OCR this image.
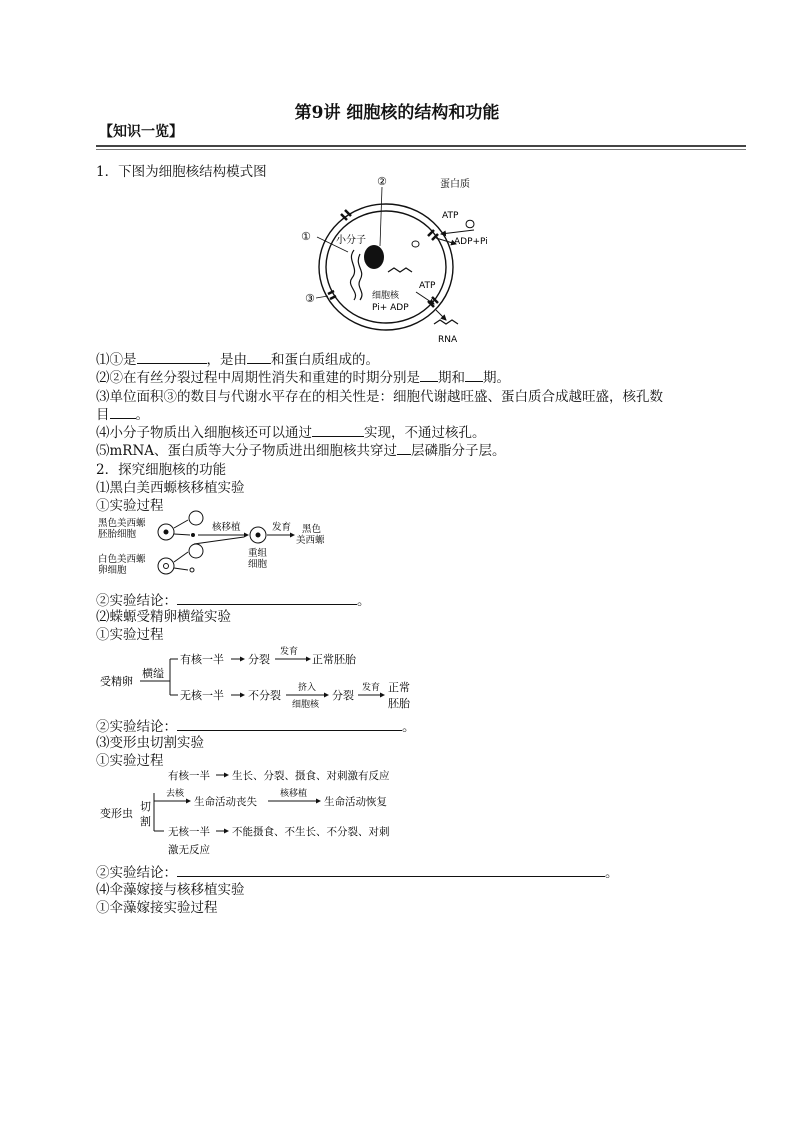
第9讲 细胞核的结构和功能
【知识一览】
1．下图为细胞核结构模式图
②
①
③
蛋白质
ATP
ADP+Pi
小分子
ATP
细胞核
Pi+ ADP
RNA
⑴①是	，是由 和蛋白质组成的。
⑵②在有丝分裂过程中周期性消失和重建的时期分别是 期和 期。
⑶单位面积③的数目与代谢水平存在的相关性是：细胞代谢越旺盛、蛋白质合成越旺盛，核孔数
目 。
⑷小分子物质出入细胞核还可以通过	实现，不通过核孔。
⑸mRNA、蛋白质等大分子物质进出细胞核共穿过 层磷脂分子层。
2．探究细胞核的功能
⑴黑白美西螈核移植实验
①实验过程
黑色美西螈
胚胎细胞
核移植	发育 黑色
美西螈
重组
细胞
白色美西螈
卵细胞
②实验结论：	。
⑵蝾螈受精卵横缢实验
①实验过程
受精卵
横缢
有核一半 分裂
发育
正常胚胎
无核一半 不分裂
挤入
细胞核
分裂
发育 正常
胚胎
②实验结论：	。
⑶变形虫切割实验
①实验过程
变形虫
切
割
去核
有核一半 生长、分裂、摄食、对刺激有反应
生命活动丧失
核移植
生命活动恢复
无核一半 不能摄食、不生长、不分裂、对刺
激无反应
②实验结论：	。
⑷伞藻嫁接与核移植实验
①伞藻嫁接实验过程
